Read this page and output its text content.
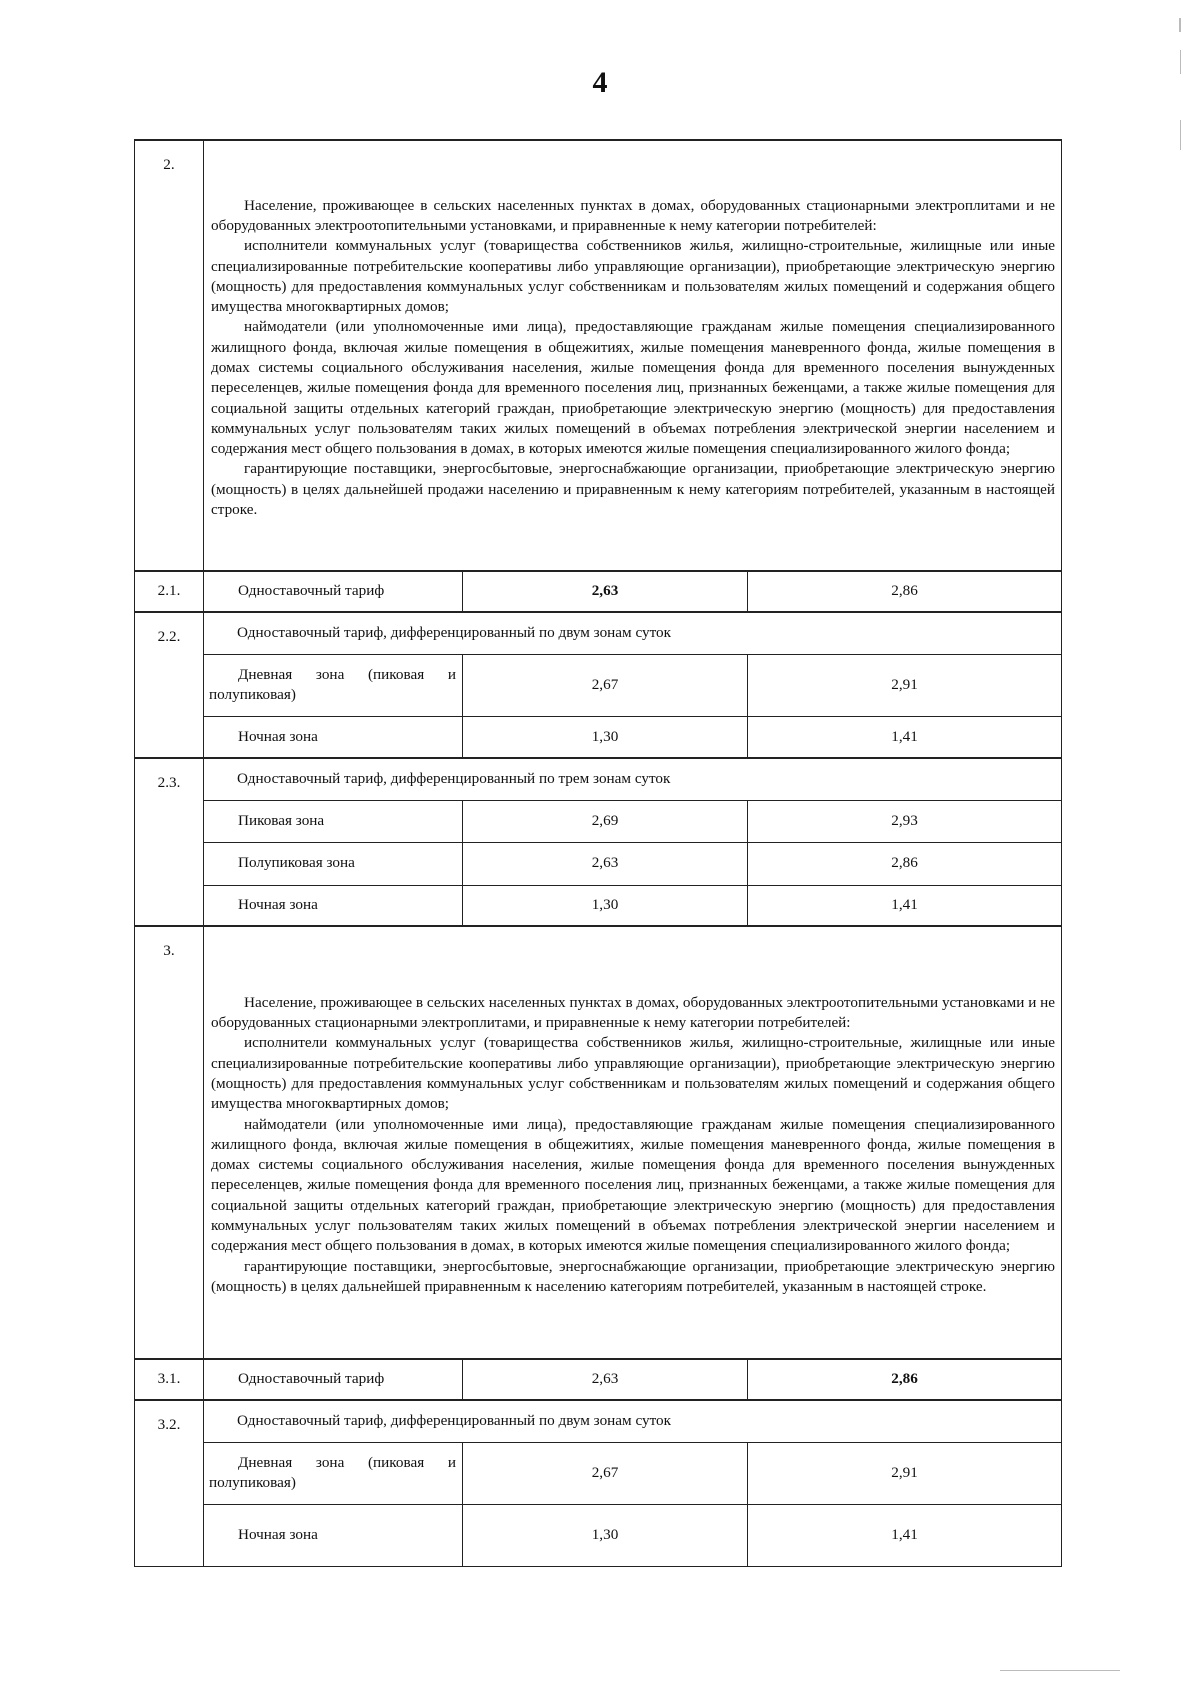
4
2.	Население, проживающее в сельских населенных пунктах в домах, оборудованных стационарными электроплитами и не оборудованных электроотопительными установками, и приравненные к нему категории потребителей:

исполнители коммунальных услуг (товарищества собственников жилья, жилищно-строительные, жилищные или иные специализированные потребительские кооперативы либо управляющие организации), приобретающие электрическую энергию (мощность) для предоставления коммунальных услуг собственникам и пользователям жилых помещений и содержания общего имущества многоквартирных домов;

наймодатели (или уполномоченные ими лица), предоставляющие гражданам жилые помещения специализированного жилищного фонда, включая жилые помещения в общежитиях, жилые помещения маневренного фонда, жилые помещения в домах системы социального обслуживания населения, жилые помещения фонда для временного поселения вынужденных переселенцев, жилые помещения фонда для временного поселения лиц, признанных беженцами, а также жилые помещения для социальной защиты отдельных категорий граждан, приобретающие электрическую энергию (мощность) для предоставления коммунальных услуг пользователям таких жилых помещений в объемах потребления электрической энергии населением и содержания мест общего пользования в домах, в которых имеются жилые помещения специализированного жилого фонда;

гарантирующие поставщики, энергосбытовые, энергоснабжающие организации, приобретающие электрическую энергию (мощность) в целях дальнейшей продажи населению и приравненным к нему категориям потребителей, указанным в настоящей строке.		

2.1.	Одноставочный тариф	2,63	2,86
2.2.	Одноставочный тариф, дифференцированный по двум зонам суток		
	Дневная зона (пиковая и полупиковая)	2,67	2,91
	Ночная зона	1,30	1,41
2.3.	Одноставочный тариф, дифференцированный по трем зонам суток		
	Пиковая зона	2,69	2,93
	Полупиковая зона	2,63	2,86
	Ночная зона	1,30	1,41
3.	Население, проживающее в сельских населенных пунктах в домах, оборудованных электроотопительными установками и не оборудованных стационарными электроплитами, и приравненные к нему категории потребителей:

исполнители коммунальных услуг (товарищества собственников жилья, жилищно-строительные, жилищные или иные специализированные потребительские кооперативы либо управляющие организации), приобретающие электрическую энергию (мощность) для предоставления коммунальных услуг собственникам и пользователям жилых помещений и содержания общего имущества многоквартирных домов;

наймодатели (или уполномоченные ими лица), предоставляющие гражданам жилые помещения специализированного жилищного фонда, включая жилые помещения в общежитиях, жилые помещения маневренного фонда, жилые помещения в домах системы социального обслуживания населения, жилые помещения фонда для временного поселения вынужденных переселенцев, жилые помещения фонда для временного поселения лиц, признанных беженцами, а также жилые помещения для социальной защиты отдельных категорий граждан, приобретающие электрическую энергию (мощность) для предоставления коммунальных услуг пользователям таких жилых помещений в объемах потребления электрической энергии населением и содержания мест общего пользования в домах, в которых имеются жилые помещения специализированного жилого фонда;

гарантирующие поставщики, энергосбытовые, энергоснабжающие организации, приобретающие электрическую энергию (мощность) в целях дальнейшей приравненным к населению категориям потребителей, указанным в настоящей строке.		

3.1.	Одноставочный тариф	2,63	2,86
3.2.	Одноставочный тариф, дифференцированный по двум зонам суток		
	Дневная зона (пиковая и полупиковая)	2,67	2,91
	Ночная зона	1,30	1,41
